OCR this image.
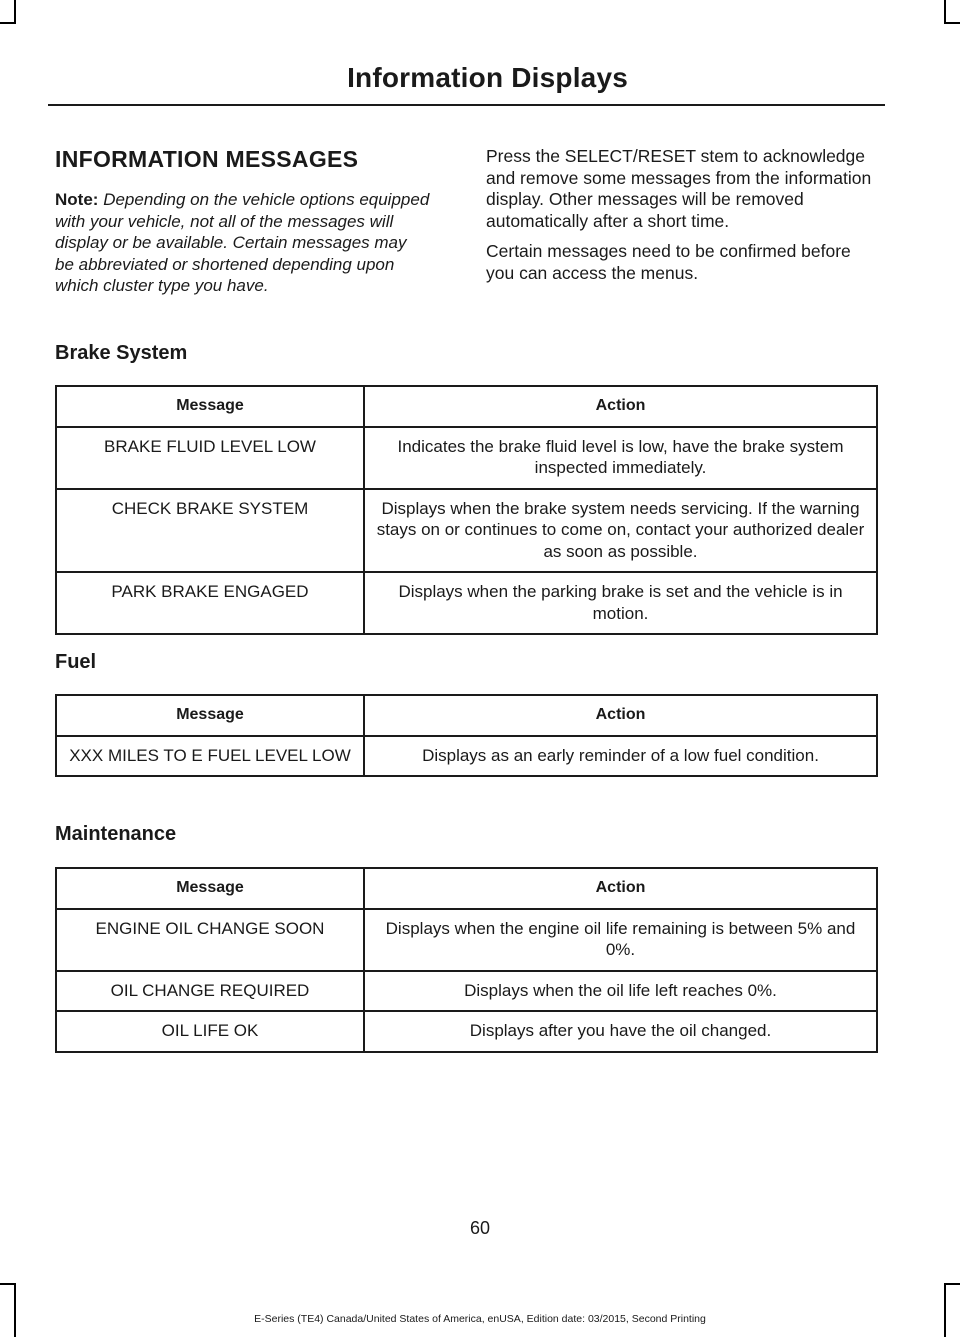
Information Displays
INFORMATION MESSAGES

Note: Depending on the vehicle options equipped with your vehicle, not all of the messages will display or be available. Certain messages may be abbreviated or shortened depending upon which cluster type you have.

Press the SELECT/RESET stem to acknowledge and remove some messages from the information display. Other messages will be removed automatically after a short time.

Certain messages need to be confirmed before you can access the menus.

Brake System
Message	Action
BRAKE FLUID LEVEL LOW	Indicates the brake fluid level is low, have the brake system inspected immediately.
CHECK BRAKE SYSTEM	Displays when the brake system needs servicing. If the warning stays on or continues to come on, contact your authorized dealer as soon as possible.
PARK BRAKE ENGAGED	Displays when the parking brake is set and the vehicle is in motion.
Fuel
Message	Action
XXX MILES TO E FUEL LEVEL LOW	Displays as an early reminder of a low fuel condition.
Maintenance
Message	Action
ENGINE OIL CHANGE SOON	Displays when the engine oil life remaining is between 5% and 0%.
OIL CHANGE REQUIRED	Displays when the oil life left reaches 0%.
OIL LIFE OK	Displays after you have the oil changed.
60
E-Series (TE4) Canada/United States of America, enUSA, Edition date: 03/2015, Second Printing
